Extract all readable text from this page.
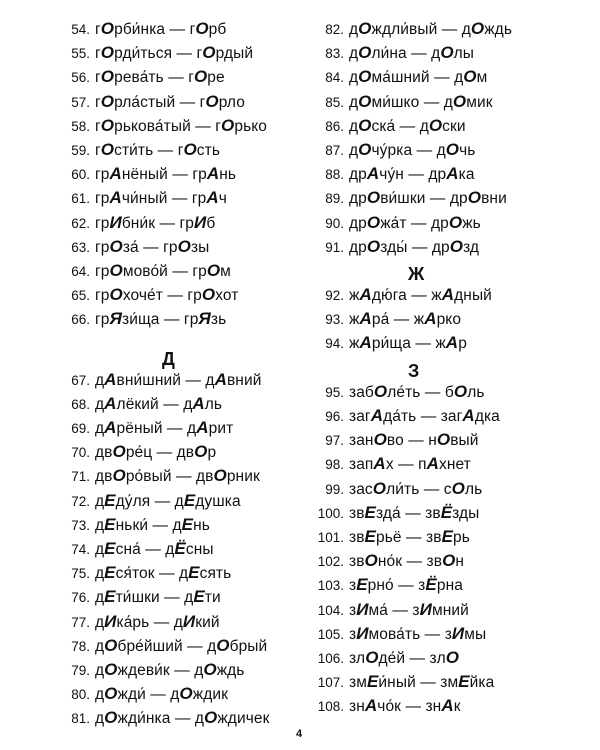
54. гОрби́нка — гОрб
55. гОрди́ться — гОрдый
56. гОрева́ть — гОре
57. гОрла́стый — гОрло
58. гОрькова́тый — гОрько
59. гОсти́ть — гОсть
60. грАнёный — грАнь
61. грАчи́ный — грАч
62. грИбни́к — грИб
63. грОза́ — грОзы
64. грОмово́й — грОм
65. грОхоче́т — грОхот
66. грЯзи́ща — грЯзь
Д
67. дАвни́шний — дАвний
68. дАлёкий — дАль
69. дАрёный — дАрит
70. двОре́ц — двОр
71. двОро́вый — двОрник
72. дЕду́ля — дЕдушка
73. дЕньки́ — дЕнь
74. дЕсна́ — дЁсны
75. дЕся́ток — дЕсять
76. дЕти́шки — дЕти
77. дИка́рь — дИкий
78. дОбре́йший — дОбрый
79. дОждеви́к — дОждь
80. дОжди́ — дОждик
81. дОжди́нка — дОждичек
82. дОждли́вый — дОждь
83. дОли́на — дОлы
84. дОма́шний — дОм
85. дОми́шко — дОмик
86. дОска́ — дОски
87. дОчу́рка — дОчь
88. дрАчу́н — дрАка
89. дрОви́шки — дрОвни
90. дрОжа́т — дрОжь
91. дрОзды́ — дрОзд
Ж
92. жАдю́га — жАдный
93. жАра́ — жАрко
94. жАри́ща — жАр
З
95. забОле́ть — бОль
96. загАда́ть — загАдка
97. занОво — нОвый
98. запАх — пАхнет
99. засОли́ть — сОль
100. звЕзда́ — звЁзды
101. звЕрьё — звЕрь
102. звОно́к — звОн
103. зЕрно́ — зЁрна
104. зИма́ — зИмний
105. зИмова́ть — зИмы
106. злОде́й — злО
107. змЕи́ный — змЕйка
108. знАчо́к — знАк
4
